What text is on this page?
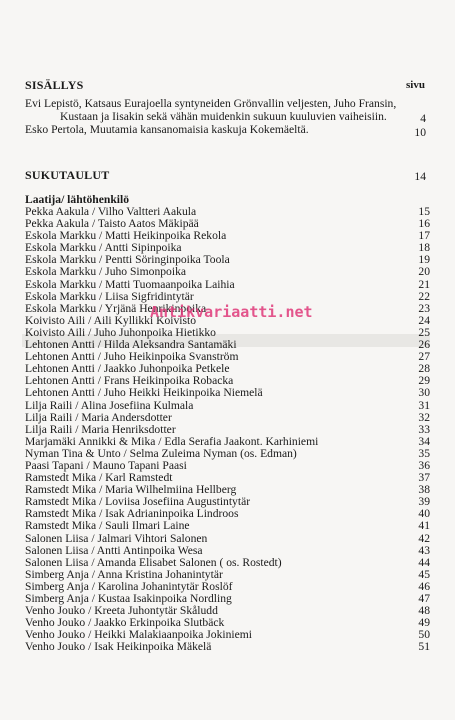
SISÄLLYS	sivu
Evi Lepistö, Katsaus Eurajoella syntyneiden Grönvallin veljesten, Juho Fransin,
Kustaan ja Iisakin sekä vähän muidenkin sukuun kuuluvien vaiheisiin.	4
Esko Pertola, Muutamia kansanomaisia kaskuja Kokemäeltä.	10
SUKUTAULUT	14
Laatija/ lähtöhenkilö
Pekka Aakula / Vilho Valtteri Aakula	15
Pekka Aakula / Taisto Aatos Mäkipää	16
Eskola Markku / Matti Heikinpoika Rekola	17
Eskola Markku / Antti Sipinpoika	18
Eskola Markku / Pentti Söringinpoika Toola	19
Eskola Markku / Juho Simonpoika	20
Eskola Markku / Matti Tuomaanpoika Laihia	21
Eskola Markku / Liisa Sigfridintytär	22
Eskola Markku / Yrjänä Henrikinpoika	23
Koivisto Aili / Aili Kyllikki Koivisto	24
Koivisto Aili / Juho Juhonpoika Hietikko	25
Lehtonen Antti / Hilda Aleksandra Santamäki	26
Lehtonen Antti / Juho Heikinpoika Svanström	27
Lehtonen Antti / Jaakko Juhonpoika Petkele	28
Lehtonen Antti / Frans Heikinpoika Robacka	29
Lehtonen Antti / Juho Heikki Heikinpoika Niemelä	30
Lilja Raili / Alina Josefiina Kulmala	31
Lilja Raili / Maria Andersdotter	32
Lilja Raili / Maria Henriksdotter	33
Marjamäki Annikki & Mika / Edla Serafia Jaakont. Karhiniemi	34
Nyman Tina & Unto / Selma Zuleima Nyman (os. Edman)	35
Paasi Tapani / Mauno Tapani Paasi	36
Ramstedt Mika / Karl Ramstedt	37
Ramstedt Mika / Maria Wilhelmiina Hellberg	38
Ramstedt Mika / Loviisa Josefiina Augustintytär	39
Ramstedt Mika / Isak Adrianinpoika Lindroos	40
Ramstedt Mika / Sauli Ilmari Laine	41
Salonen Liisa / Jalmari Vihtori Salonen	42
Salonen Liisa / Antti Antinpoika Wesa	43
Salonen Liisa / Amanda Elisabet Salonen ( os. Rostedt)	44
Simberg Anja / Anna Kristina Johanintytär	45
Simberg Anja / Karolina Johanintytär Roslöf	46
Simberg Anja / Kustaa Isakinpoika Nordling	47
Venho Jouko / Kreeta Juhontytär Skåludd	48
Venho Jouko / Jaakko Erkinpoika Slutbäck	49
Venho Jouko / Heikki Malakiaanpoika Jokiniemi	50
Venho Jouko / Isak Heikinpoika Mäkelä	51
Antikvariaatti.net
